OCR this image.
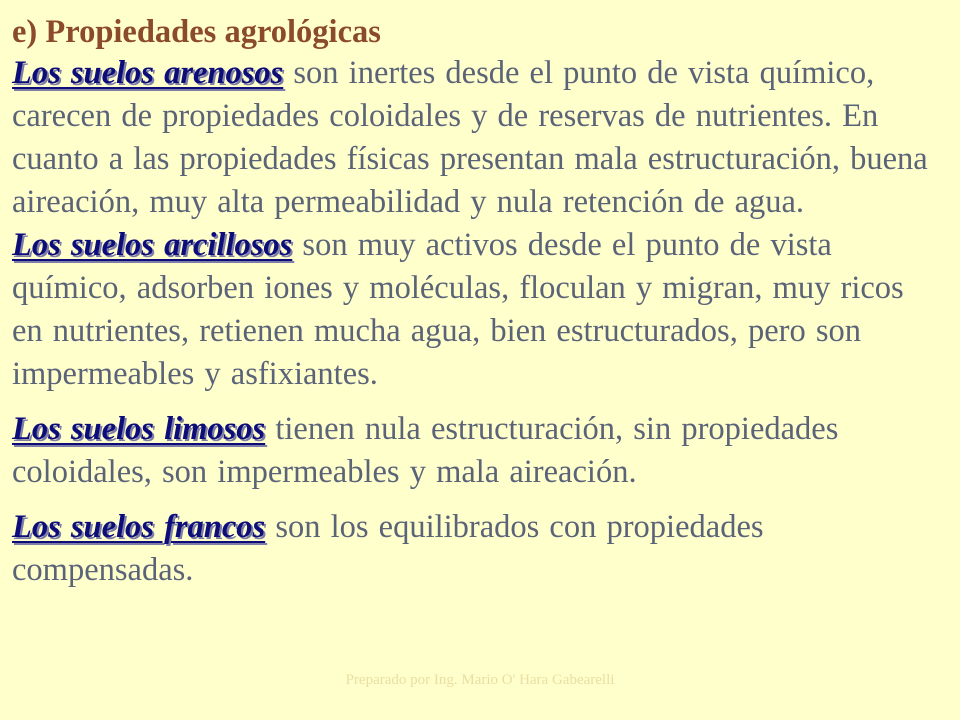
e) Propiedades agrológicas

Los suelos arenosos son inertes desde el punto de vista químico, carecen de propiedades coloidales y de reservas de nutrientes. En cuanto a las propiedades físicas presentan mala estructuración, buena aireación, muy alta permeabilidad y nula retención de agua.

Los suelos arcillosos son muy activos desde el punto de vista químico, adsorben iones y moléculas, floculan y migran, muy ricos en nutrientes, retienen mucha agua, bien estructurados, pero son impermeables y asfixiantes.

Los suelos limosos tienen nula estructuración, sin propiedades coloidales, son impermeables y mala aireación.

Los suelos francos son los equilibrados con propiedades compensadas.

Preparado por Ing. Mario O' Hara Gabearelli
